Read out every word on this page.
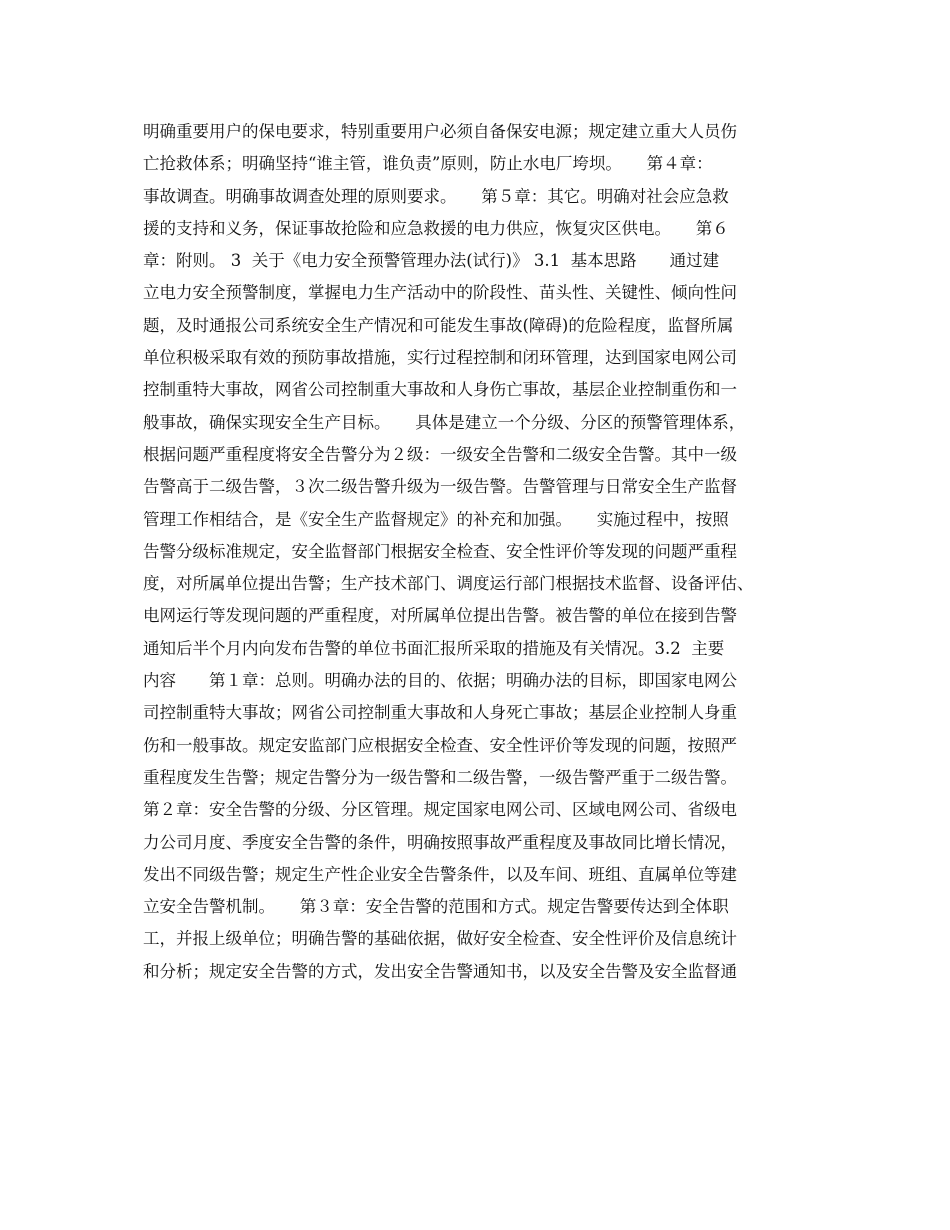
明确重要用户的保电要求，特别重要用户必须自备保安电源；规定建立重大人员伤
亡抢救体系；明确坚持“谁主管，谁负责”原则，防止水电厂垮坝。　　第４章：
事故调查。明确事故调查处理的原则要求。　　第５章：其它。明确对社会应急救
援的支持和义务，保证事故抢险和应急救援的电力供应，恢复灾区供电。　　第６
章：附则。 3  关于《电力安全预警管理办法(试行)》 3.1  基本思路　　通过建
立电力安全预警制度，掌握电力生产活动中的阶段性、苗头性、关键性、倾向性问
题，及时通报公司系统安全生产情况和可能发生事故(障碍)的危险程度，监督所属
单位积极采取有效的预防事故措施，实行过程控制和闭环管理，达到国家电网公司
控制重特大事故，网省公司控制重大事故和人身伤亡事故，基层企业控制重伤和一
般事故，确保实现安全生产目标。　　具体是建立一个分级、分区的预警管理体系，
根据问题严重程度将安全告警分为２级：一级安全告警和二级安全告警。其中一级
告警高于二级告警，３次二级告警升级为一级告警。告警管理与日常安全生产监督
管理工作相结合，是《安全生产监督规定》的补充和加强。　　实施过程中，按照
告警分级标准规定，安全监督部门根据安全检查、安全性评价等发现的问题严重程
度，对所属单位提出告警；生产技术部门、调度运行部门根据技术监督、设备评估、
电网运行等发现问题的严重程度，对所属单位提出告警。被告警的单位在接到告警
通知后半个月内向发布告警的单位书面汇报所采取的措施及有关情况。3.2  主要
内容　　第１章：总则。明确办法的目的、依据；明确办法的目标，即国家电网公
司控制重特大事故；网省公司控制重大事故和人身死亡事故；基层企业控制人身重
伤和一般事故。规定安监部门应根据安全检查、安全性评价等发现的问题，按照严
重程度发生告警；规定告警分为一级告警和二级告警，一级告警严重于二级告警。
第２章：安全告警的分级、分区管理。规定国家电网公司、区域电网公司、省级电
力公司月度、季度安全告警的条件，明确按照事故严重程度及事故同比增长情况，
发出不同级告警；规定生产性企业安全告警条件，以及车间、班组、直属单位等建
立安全告警机制。　　第３章：安全告警的范围和方式。规定告警要传达到全体职
工，并报上级单位；明确告警的基础依据，做好安全检查、安全性评价及信息统计
和分析；规定安全告警的方式，发出安全告警通知书，以及安全告警及安全监督通
